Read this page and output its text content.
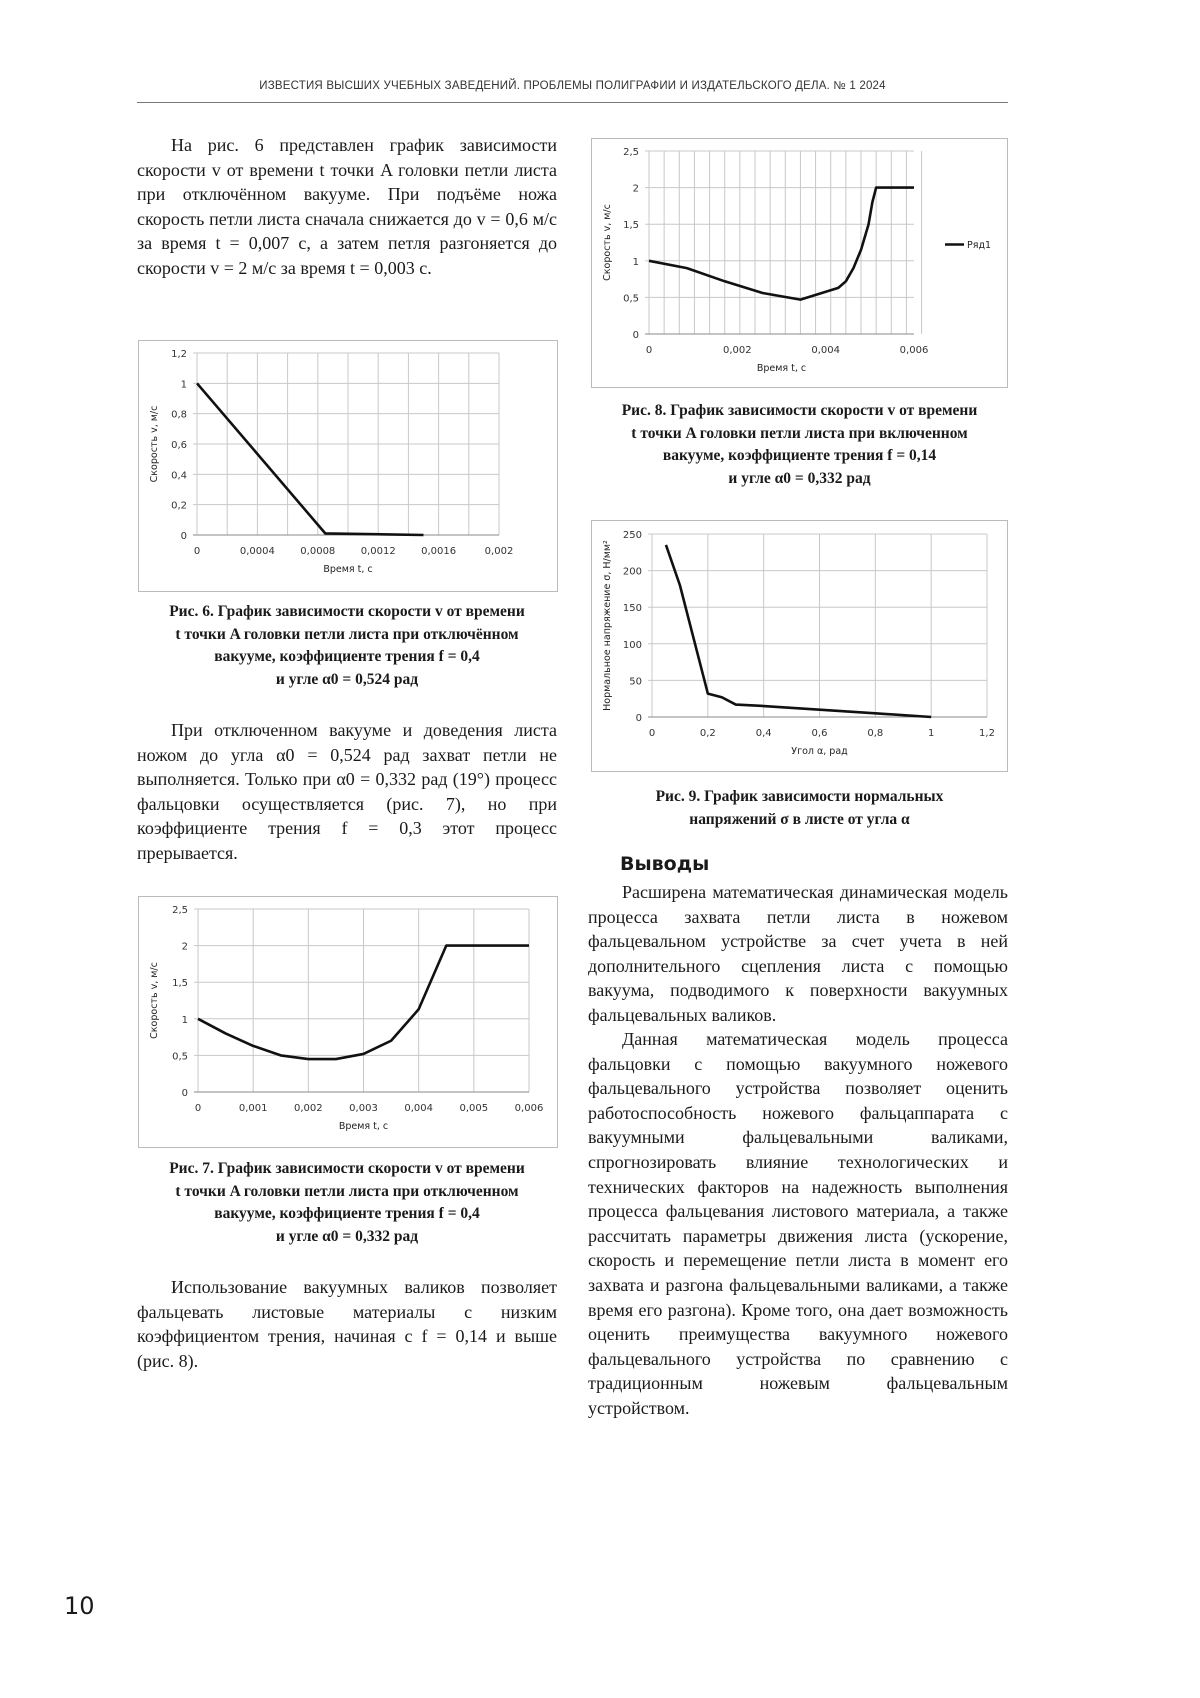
ИЗВЕСТИЯ ВЫСШИХ УЧЕБНЫХ ЗАВЕДЕНИЙ. ПРОБЛЕМЫ ПОЛИГРАФИИ И ИЗДАТЕЛЬСКОГО ДЕЛА. № 1 2024

На рис. 6 представлен график зависимости скорости v от времени t точки A головки петли листа при отключённом вакууме. При подъёме ножа скорость петли листа сначала снижается до v = 0,6 м/с за время t = 0,007 с, а затем петля разгоняется до скорости v = 2 м/с за время t = 0,003 с.

0	0,0004	0,0008	0,0012	0,0016	0,002
0
0,2
0,4
0,6
0,8
1
1,2
Время t, с
Скорость v, м/с
Рис. 6. График зависимости скорости v от времени
t точки A головки петли листа при отключённом
вакууме, коэффициенте трения f = 0,4
и угле α0 = 0,524 рад

При отключенном вакууме и доведения листа ножом до угла α0 = 0,524 рад захват петли не выполняется. Только при α0 = 0,332 рад (19°) процесс фальцовки осуществляется (рис. 7), но при коэффициенте трения f = 0,3 этот процесс прерывается.

0	0,001	0,002	0,003	0,004	0,005	0,006
0
0,5
1
1,5
2
2,5
Время t, с
Скорость v, м/с
Рис. 7. График зависимости скорости v от времени
t точки A головки петли листа при отключенном
вакууме, коэффициенте трения f = 0,4
и угле α0 = 0,332 рад

Использование вакуумных валиков позволяет фальцевать листовые материалы с низким коэффициентом трения, начиная с f = 0,14 и выше (рис. 8).

0	0,002	0,004	0,006
0
0,5
1
1,5
2
2,5
Время t, с
Скорость v, м/с	Ряд1
Рис. 8. График зависимости скорости v от времени
t точки A головки петли листа при включенном
вакууме, коэффициенте трения f = 0,14
и угле α0 = 0,332 рад
0	0,2	0,4	0,6	0,8	1	1,2
0
50
100
150
200
250
Угол α, рад
Нормальное напряжение σ, Н/мм²
Рис. 9. График зависимости нормальных
напряжений σ в листе от угла α
Выводы

Расширена математическая динамическая модель процесса захвата петли листа в ножевом фальцевальном устройстве за счет учета в ней дополнительного сцепления листа с помощью вакуума, подводимого к поверхности вакуумных фальцевальных валиков.

Данная математическая модель процесса фальцовки с помощью вакуумного ножевого фальцевального устройства позволяет оценить работоспособность ножевого фальцаппарата с вакуумными фальцевальными валиками, спрогнозировать влияние технологических и технических факторов на надежность выполнения процесса фальцевания листового материала, а также рассчитать параметры движения листа (ускорение, скорость и перемещение петли листа в момент его захвата и разгона фальцевальными валиками, а также время его разгона). Кроме того, она дает возможность оценить преимущества вакуумного ножевого фальцевального устройства по сравнению с традиционным ножевым фальцевальным устройством.

10
